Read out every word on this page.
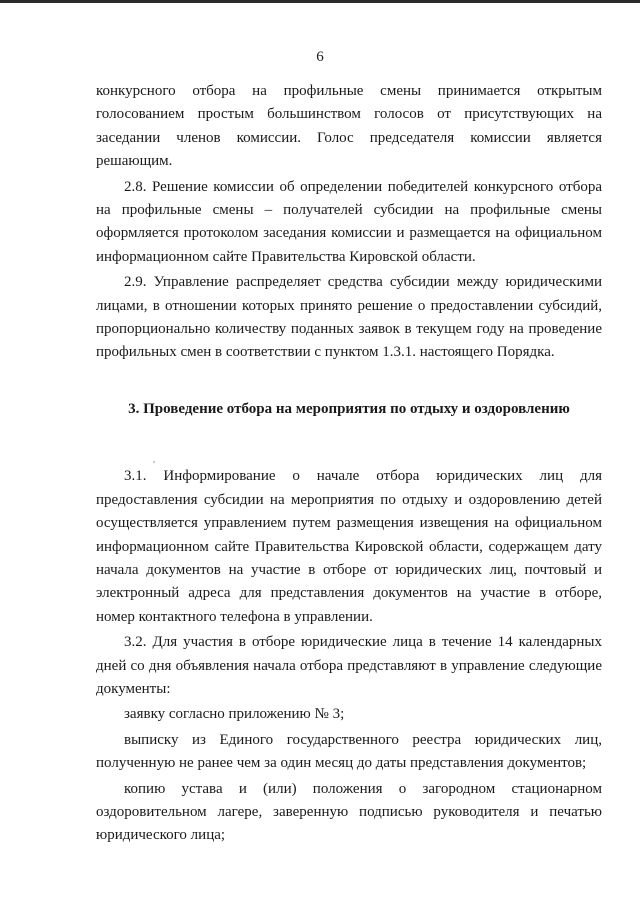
6

конкурсного отбора на профильные смены принимается открытым голосованием простым большинством голосов от присутствующих на заседании членов комиссии. Голос председателя комиссии является решающим.

2.8. Решение комиссии об определении победителей конкурсного отбора на профильные смены – получателей субсидии на профильные смены оформляется протоколом заседания комиссии и размещается на официальном информационном сайте Правительства Кировской области.

2.9. Управление распределяет средства субсидии между юридическими лицами, в отношении которых принято решение о предоставлении субсидий, пропорционально количеству поданных заявок в текущем году на проведение профильных смен в соответствии с пунктом 1.3.1. настоящего Порядка.

3. Проведение отбора на мероприятия по отдыху и оздоровлению

3.1. Информирование о начале отбора юридических лиц для предоставления субсидии на мероприятия по отдыху и оздоровлению детей осуществляется управлением путем размещения извещения на официальном информационном сайте Правительства Кировской области, содержащем дату начала документов на участие в отборе от юридических лиц, почтовый и электронный адреса для представления документов на участие в отборе, номер контактного телефона в управлении.

3.2. Для участия в отборе юридические лица в течение 14 календарных дней со дня объявления начала отбора представляют в управление следующие документы:

заявку согласно приложению № 3;

выписку из Единого государственного реестра юридических лиц, полученную не ранее чем за один месяц до даты представления документов;

копию устава и (или) положения о загородном стационарном оздоровительном лагере, заверенную подписью руководителя и печатью юридического лица;
